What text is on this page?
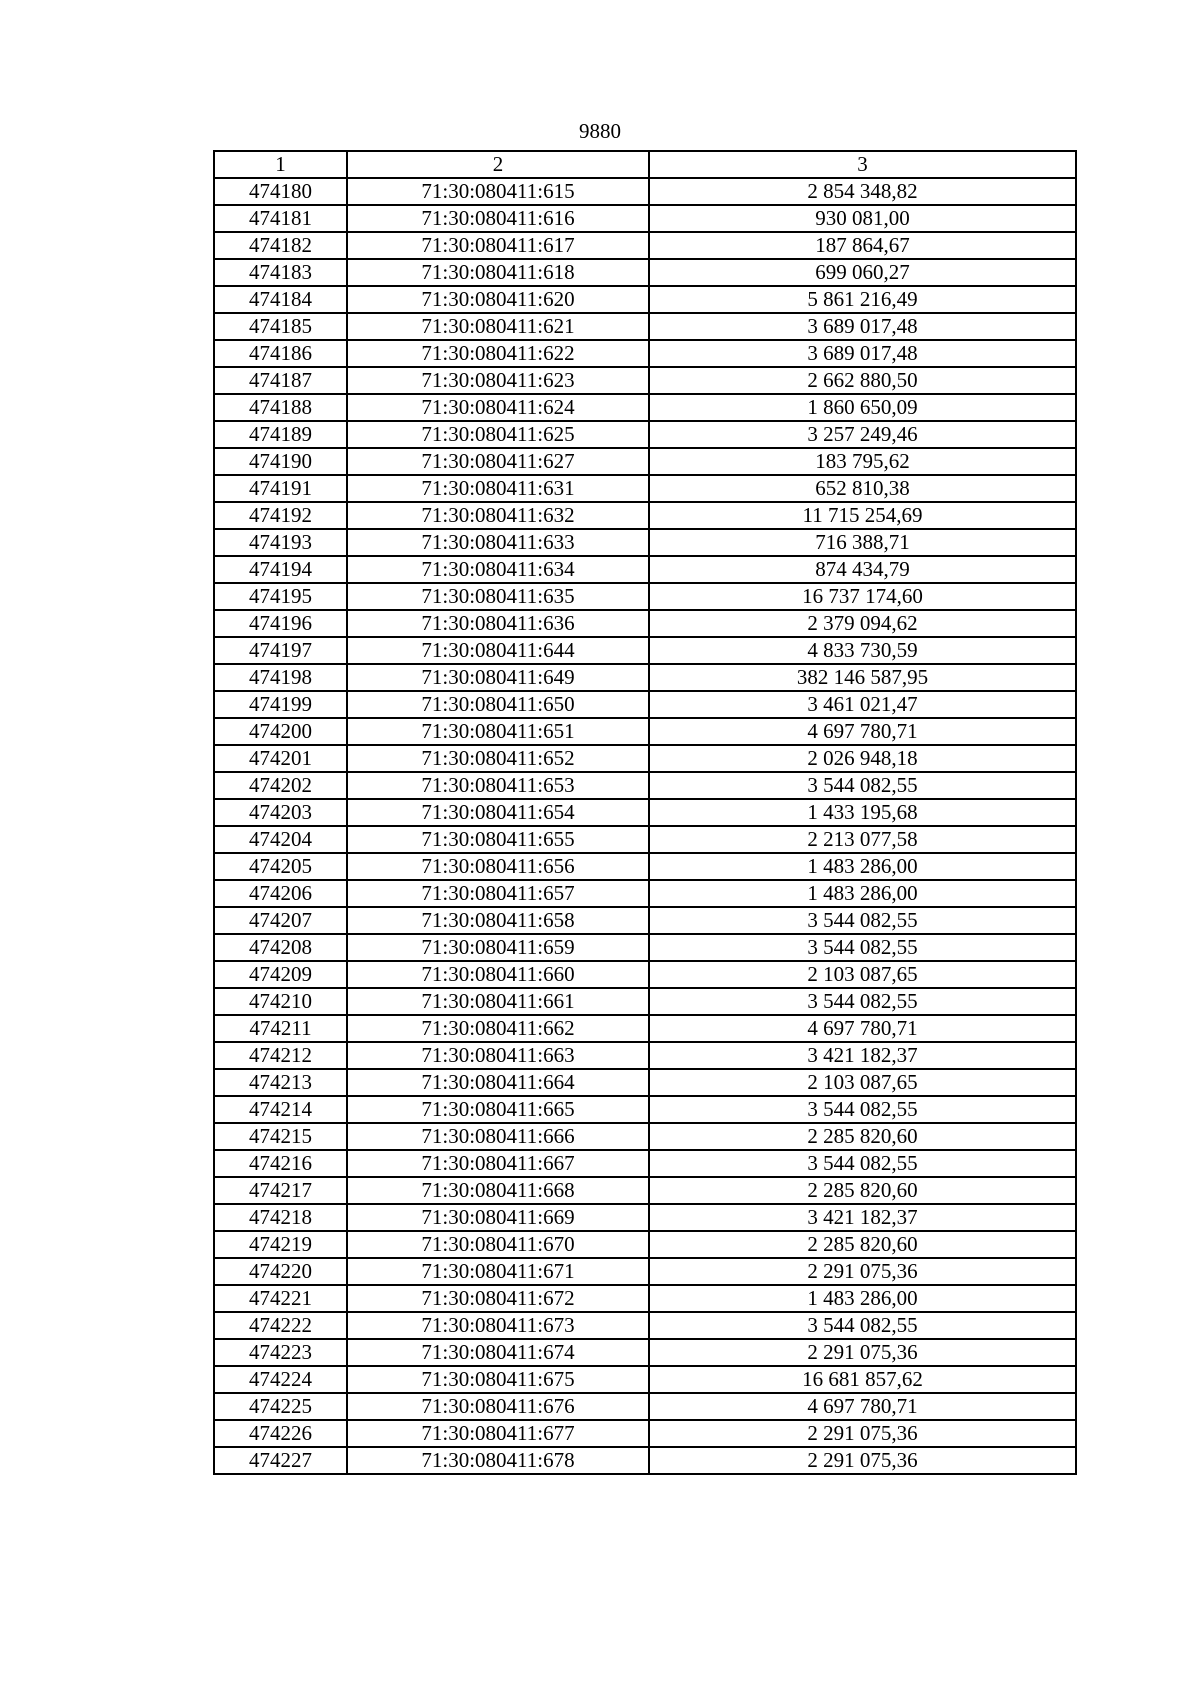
9880
1	2	3
474180	71:30:080411:615	2 854 348,82
474181	71:30:080411:616	930 081,00
474182	71:30:080411:617	187 864,67
474183	71:30:080411:618	699 060,27
474184	71:30:080411:620	5 861 216,49
474185	71:30:080411:621	3 689 017,48
474186	71:30:080411:622	3 689 017,48
474187	71:30:080411:623	2 662 880,50
474188	71:30:080411:624	1 860 650,09
474189	71:30:080411:625	3 257 249,46
474190	71:30:080411:627	183 795,62
474191	71:30:080411:631	652 810,38
474192	71:30:080411:632	11 715 254,69
474193	71:30:080411:633	716 388,71
474194	71:30:080411:634	874 434,79
474195	71:30:080411:635	16 737 174,60
474196	71:30:080411:636	2 379 094,62
474197	71:30:080411:644	4 833 730,59
474198	71:30:080411:649	382 146 587,95
474199	71:30:080411:650	3 461 021,47
474200	71:30:080411:651	4 697 780,71
474201	71:30:080411:652	2 026 948,18
474202	71:30:080411:653	3 544 082,55
474203	71:30:080411:654	1 433 195,68
474204	71:30:080411:655	2 213 077,58
474205	71:30:080411:656	1 483 286,00
474206	71:30:080411:657	1 483 286,00
474207	71:30:080411:658	3 544 082,55
474208	71:30:080411:659	3 544 082,55
474209	71:30:080411:660	2 103 087,65
474210	71:30:080411:661	3 544 082,55
474211	71:30:080411:662	4 697 780,71
474212	71:30:080411:663	3 421 182,37
474213	71:30:080411:664	2 103 087,65
474214	71:30:080411:665	3 544 082,55
474215	71:30:080411:666	2 285 820,60
474216	71:30:080411:667	3 544 082,55
474217	71:30:080411:668	2 285 820,60
474218	71:30:080411:669	3 421 182,37
474219	71:30:080411:670	2 285 820,60
474220	71:30:080411:671	2 291 075,36
474221	71:30:080411:672	1 483 286,00
474222	71:30:080411:673	3 544 082,55
474223	71:30:080411:674	2 291 075,36
474224	71:30:080411:675	16 681 857,62
474225	71:30:080411:676	4 697 780,71
474226	71:30:080411:677	2 291 075,36
474227	71:30:080411:678	2 291 075,36
